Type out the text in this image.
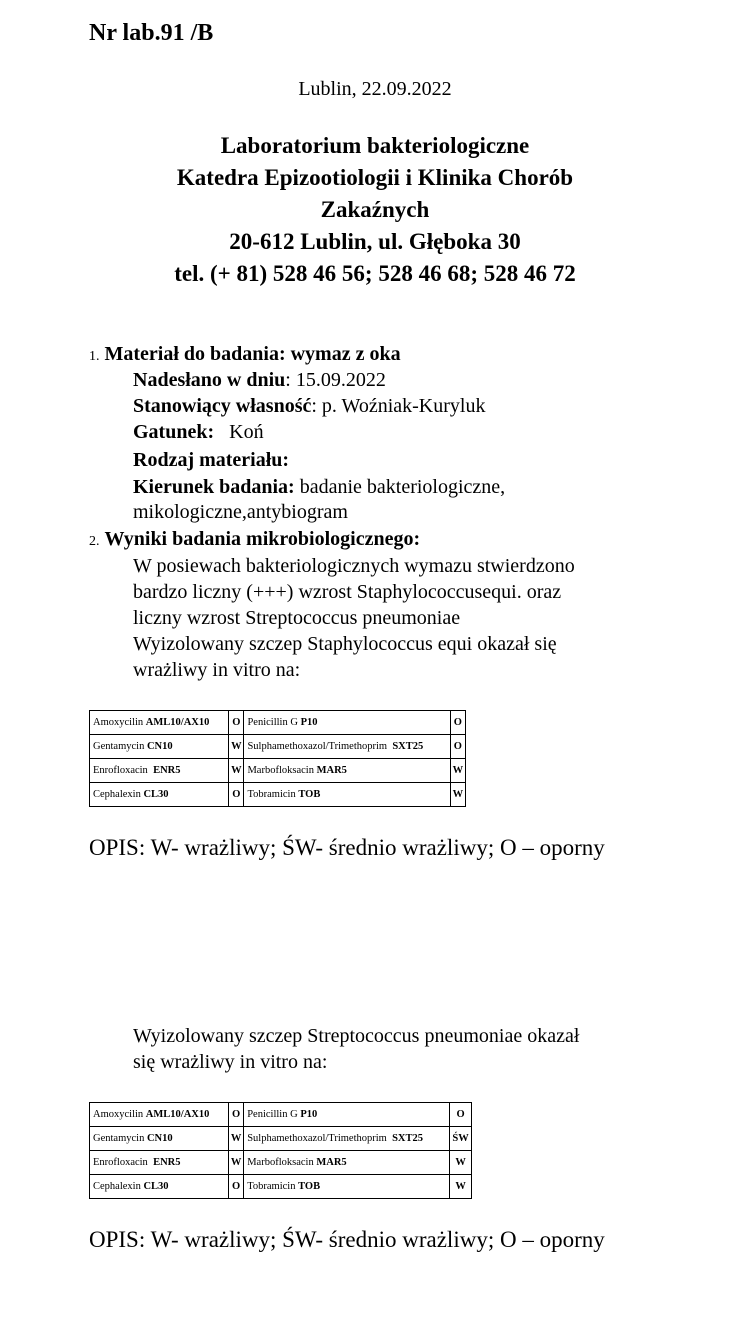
Nr lab.91 /B
Lublin, 22.09.2022
Laboratorium bakteriologiczne
Katedra Epizootiologii i Klinika Chorób
Zakaźnych
20-612 Lublin, ul. Głęboka 30
tel. (+ 81) 528 46 56; 528 46 68; 528 46 72
1. Materiał do badania: wymaz z oka
Nadesłano w dniu: 15.09.2022
Stanowiący własność: p. Woźniak-Kuryluk
Gatunek: Koń
Rodzaj materiału:
Kierunek badania: badanie bakteriologiczne,
mikologiczne,antybiogram
2. Wyniki badania mikrobiologicznego:
W posiewach bakteriologicznych wymazu stwierdzono
bardzo liczny (+++) wzrost Staphylococcusequi. oraz
liczny wzrost Streptococcus pneumoniae
Wyizolowany szczep Staphylococcus equi okazał się
wrażliwy in vitro na:
Amoxycilin AML10/AX10	O	Penicillin G P10	O
Gentamycin CN10	W	Sulphamethoxazol/Trimethoprim SXT25	O
Enrofloxacin ENR5	W	Marbofloksacin MAR5	W
Cephalexin CL30	O	Tobramicin TOB	W
OPIS: W- wrażliwy; ŚW- średnio wrażliwy; O – oporny
Wyizolowany szczep Streptococcus pneumoniae okazał
się wrażliwy in vitro na:
Amoxycilin AML10/AX10	O	Penicillin G P10	O
Gentamycin CN10	W	Sulphamethoxazol/Trimethoprim SXT25	ŚW
Enrofloxacin ENR5	W	Marbofloksacin MAR5	W
Cephalexin CL30	O	Tobramicin TOB	W
OPIS: W- wrażliwy; ŚW- średnio wrażliwy; O – oporny
